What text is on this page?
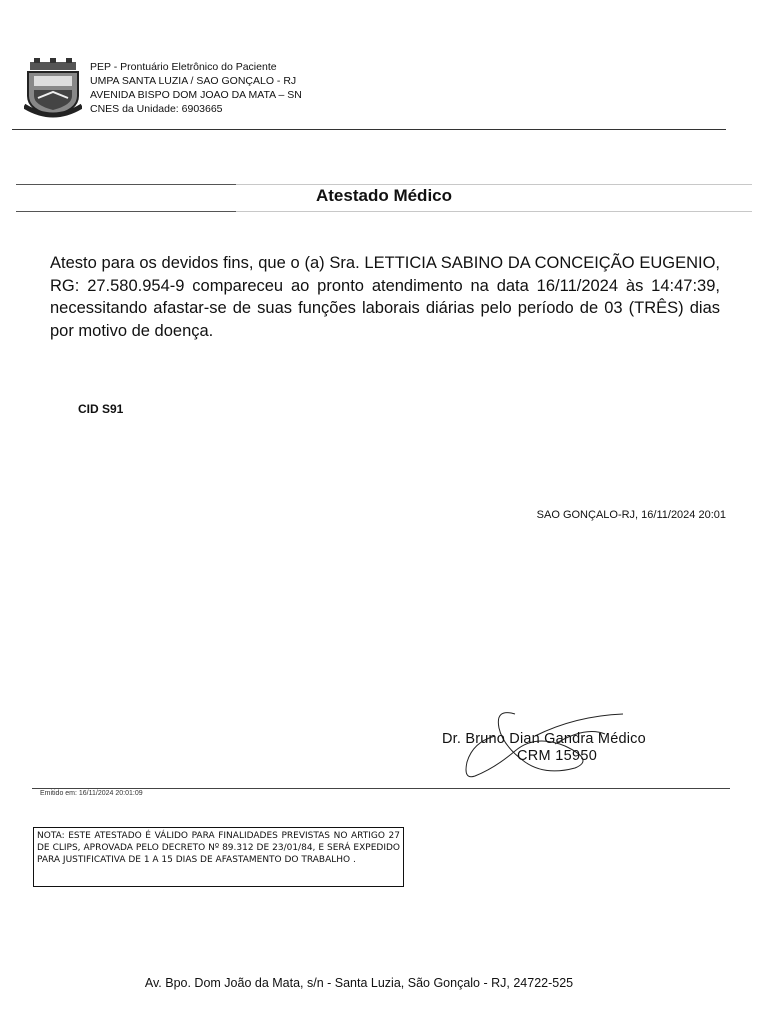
PEP - Prontuário Eletrônico do Paciente
UMPA SANTA LUZIA / SAO GONÇALO - RJ
AVENIDA BISPO DOM JOAO DA MATA – SN
CNES da Unidade: 6903665
Atestado Médico
Atesto para os devidos fins, que o (a) Sra. LETTICIA SABINO DA CONCEIÇÃO EUGENIO, RG: 27.580.954-9 compareceu ao pronto atendimento na data 16/11/2024 às 14:47:39, necessitando afastar-se de suas funções laborais diárias pelo período de 03 (TRÊS) dias por motivo de doença.
CID S91
SAO GONÇALO-RJ, 16/11/2024 20:01
Dr. Bruno Dian Gandra Médico
CRM 15950
Emitido em: 16/11/2024 20:01:09
NOTA: ESTE ATESTADO É VÁLIDO PARA FINALIDADES PREVISTAS NO ARTIGO 27 DE CLIPS, APROVADA PELO DECRETO Nº 89.312 DE 23/01/84, E SERÁ EXPEDIDO PARA JUSTIFICATIVA DE 1 A 15 DIAS DE AFASTAMENTO DO TRABALHO .
Av. Bpo. Dom João da Mata, s/n - Santa Luzia, São Gonçalo - RJ, 24722-525
